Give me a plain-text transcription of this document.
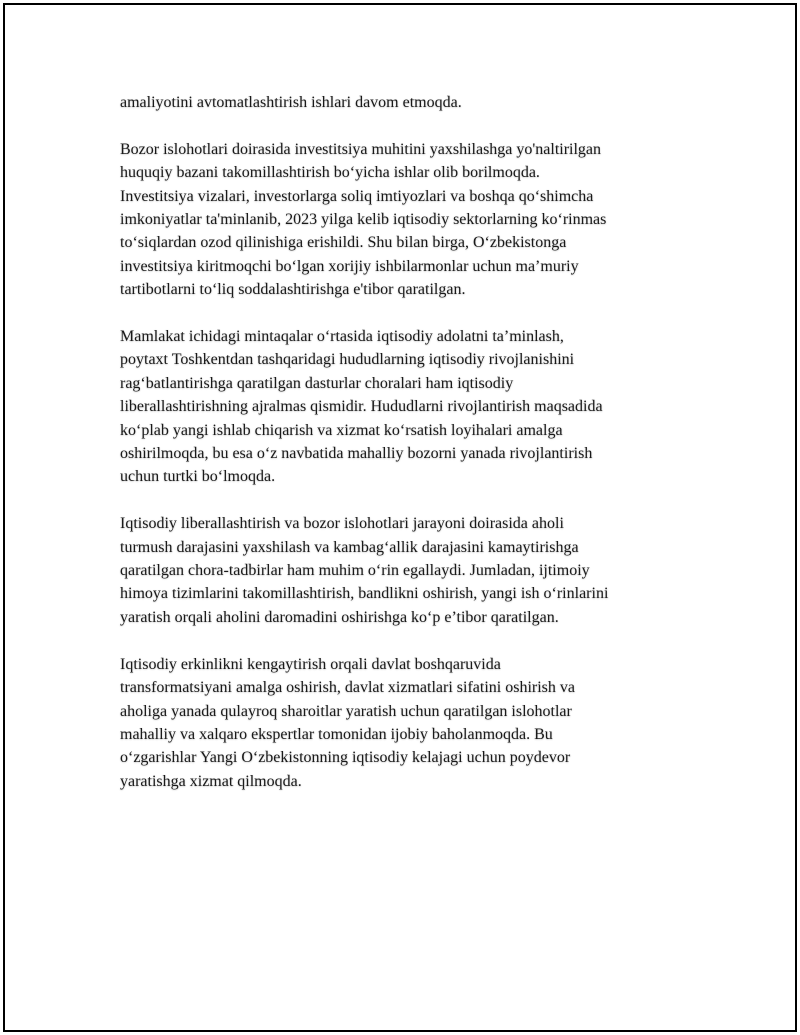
amaliyotini avtomatlashtirish ishlari davom etmoqda.

Bozor islohotlari doirasida investitsiya muhitini yaxshilashga yo'naltirilgan
huquqiy bazani takomillashtirish bo‘yicha ishlar olib borilmoqda.
Investitsiya vizalari, investorlarga soliq imtiyozlari va boshqa qo‘shimcha
imkoniyatlar ta'minlanib, 2023 yilga kelib iqtisodiy sektorlarning ko‘rinmas
to‘siqlardan ozod qilinishiga erishildi. Shu bilan birga, O‘zbekistonga
investitsiya kiritmoqchi bo‘lgan xorijiy ishbilarmonlar uchun ma’muriy
tartibotlarni to‘liq soddalashtirishga e'tibor qaratilgan.

Mamlakat ichidagi mintaqalar o‘rtasida iqtisodiy adolatni ta’minlash,
poytaxt Toshkentdan tashqaridagi hududlarning iqtisodiy rivojlanishini
rag‘batlantirishga qaratilgan dasturlar choralari ham iqtisodiy
liberallashtirishning ajralmas qismidir. Hududlarni rivojlantirish maqsadida
ko‘plab yangi ishlab chiqarish va xizmat ko‘rsatish loyihalari amalga
oshirilmoqda, bu esa o‘z navbatida mahalliy bozorni yanada rivojlantirish
uchun turtki bo‘lmoqda.

Iqtisodiy liberallashtirish va bozor islohotlari jarayoni doirasida aholi
turmush darajasini yaxshilash va kambag‘allik darajasini kamaytirishga
qaratilgan chora-tadbirlar ham muhim o‘rin egallaydi. Jumladan, ijtimoiy
himoya tizimlarini takomillashtirish, bandlikni oshirish, yangi ish o‘rinlarini
yaratish orqali aholini daromadini oshirishga ko‘p e’tibor qaratilgan.

Iqtisodiy erkinlikni kengaytirish orqali davlat boshqaruvida
transformatsiyani amalga oshirish, davlat xizmatlari sifatini oshirish va
aholiga yanada qulayroq sharoitlar yaratish uchun qaratilgan islohotlar
mahalliy va xalqaro ekspertlar tomonidan ijobiy baholanmoqda. Bu
o‘zgarishlar Yangi O‘zbekistonning iqtisodiy kelajagi uchun poydevor
yaratishga xizmat qilmoqda.
